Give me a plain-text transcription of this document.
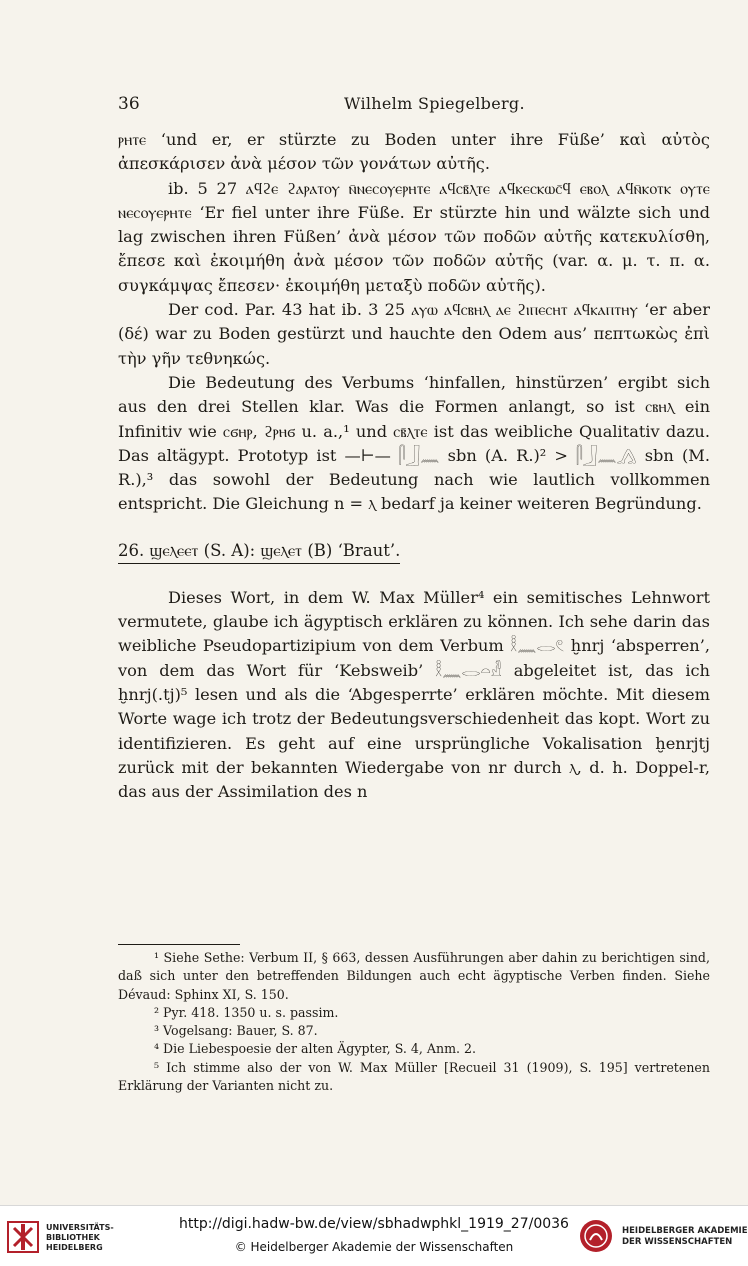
36	Wilhelm Spiegelberg.

ⲣⲏⲧⲉ ‘und er, er stürzte zu Boden unter ihre Füße’ καὶ αὐτὸς ἀπεσκάρισεν ἀνὰ μέσον τῶν γονάτων αὐτῆς.

ib. 5 27 ⲁϥϩⲉ ϩⲁⲣⲁⲧⲟⲩ ⲛ̄ⲛⲉⲥⲟⲩⲉⲣⲏⲧⲉ ⲁϥⲥⲃ̄ⲗⲧⲉ ⲁϥⲕⲉⲥⲕⲱⲥ̄ϥ ⲉⲃⲟⲗ ⲁϥⲛ̄ⲕⲟⲧⲕ ⲟⲩⲧⲉ ⲛⲉⲥⲟⲩⲉⲣⲏⲧⲉ ‘Er fiel unter ihre Füße. Er stürzte hin und wälzte sich und lag zwischen ihren Füßen’ ἀνὰ μέσον τῶν ποδῶν αὐτῆς κατεκυλίσθη, ἔπεσε καὶ ἐκοιμήθη ἀνὰ μέσον τῶν ποδῶν αὐτῆς (var. α. μ. τ. π. α. συγκάμψας ἔπεσεν· ἐκοιμήθη μεταξὺ ποδῶν αὐτῆς).

Der cod. Par. 43 hat ib. 3 25 ⲁⲩⲱ ⲁϥⲥⲃⲏⲗ ⲁⲉ ϩⲓⲡⲉⲥⲏⲧ ⲁϥⲕⲁⲡⲧⲏⲩ ‘er aber (δέ) war zu Boden gestürzt und hauchte den Odem aus’ πεπτωκὼς ἐπὶ τὴν γῆν τεθνηκώς.

Die Bedeutung des Verbums ‘hinfallen, hinstürzen’ ergibt sich aus den drei Stellen klar. Was die Formen anlangt, so ist ⲥⲃⲏⲗ ein Infinitiv wie ⲥϭⲏⲣ, ϩⲣⲏϭ u. a.,¹ und ⲥⲃ̄ⲗⲧⲉ ist das weibliche Qualitativ dazu. Das altägypt. Prototyp ist —⊢— 𓋴𓃀𓈖 sbn (A. R.)² > 𓋴𓃀𓈖𓂻 sbn (M. R.),³ das sowohl der Bedeutung nach wie lautlich vollkommen entspricht. Die Gleichung n = ⲗ bedarf ja keiner weiteren Begründung.

26. ϣⲉⲗⲉⲉⲧ (S. A): ϣⲉⲗⲉⲧ (B) ‘Braut’.

Dieses Wort, in dem W. Max Müller⁴ ein semitisches Lehnwort vermutete, glaube ich ägyptisch erklären zu können. Ich sehe darin das weibliche Pseudopartizipium von dem Verbum 𓎛𓈖𓂋𓏲 ḫnrj ‘absperren’, von dem das Wort für ‘Kebsweib’ 𓎛𓈖𓂋𓏏𓁐 abgeleitet ist, das ich ḫnrj(.tj)⁵ lesen und als die ‘Abgesperrte’ erklären möchte. Mit diesem Worte wage ich trotz der Bedeutungsverschiedenheit das kopt. Wort zu identifizieren. Es geht auf eine ursprüngliche Vokalisation ḫenrjtj zurück mit der bekannten Wiedergabe von nr durch ⲗ, d. h. Doppel-r, das aus der Assimilation des n

¹ Siehe Sethe: Verbum II, § 663, dessen Ausführungen aber dahin zu berichtigen sind, daß sich unter den betreffenden Bildungen auch echt ägyptische Verben finden. Siehe Dévaud: Sphinx XI, S. 150.

² Pyr. 418. 1350 u. s. passim.

³ Vogelsang: Bauer, S. 87.

⁴ Die Liebespoesie der alten Ägypter, S. 4, Anm. 2.

⁵ Ich stimme also der von W. Max Müller [Recueil 31 (1909), S. 195] vertretenen Erklärung der Varianten nicht zu.

UNIVERSITÄTS-
BIBLIOTHEK
HEIDELBERG
http://digi.hadw-bw.de/view/sbhadwphkl_1919_27/0036
© Heidelberger Akademie der Wissenschaften
HEIDELBERGER AKADEMIE
DER WISSENSCHAFTEN
